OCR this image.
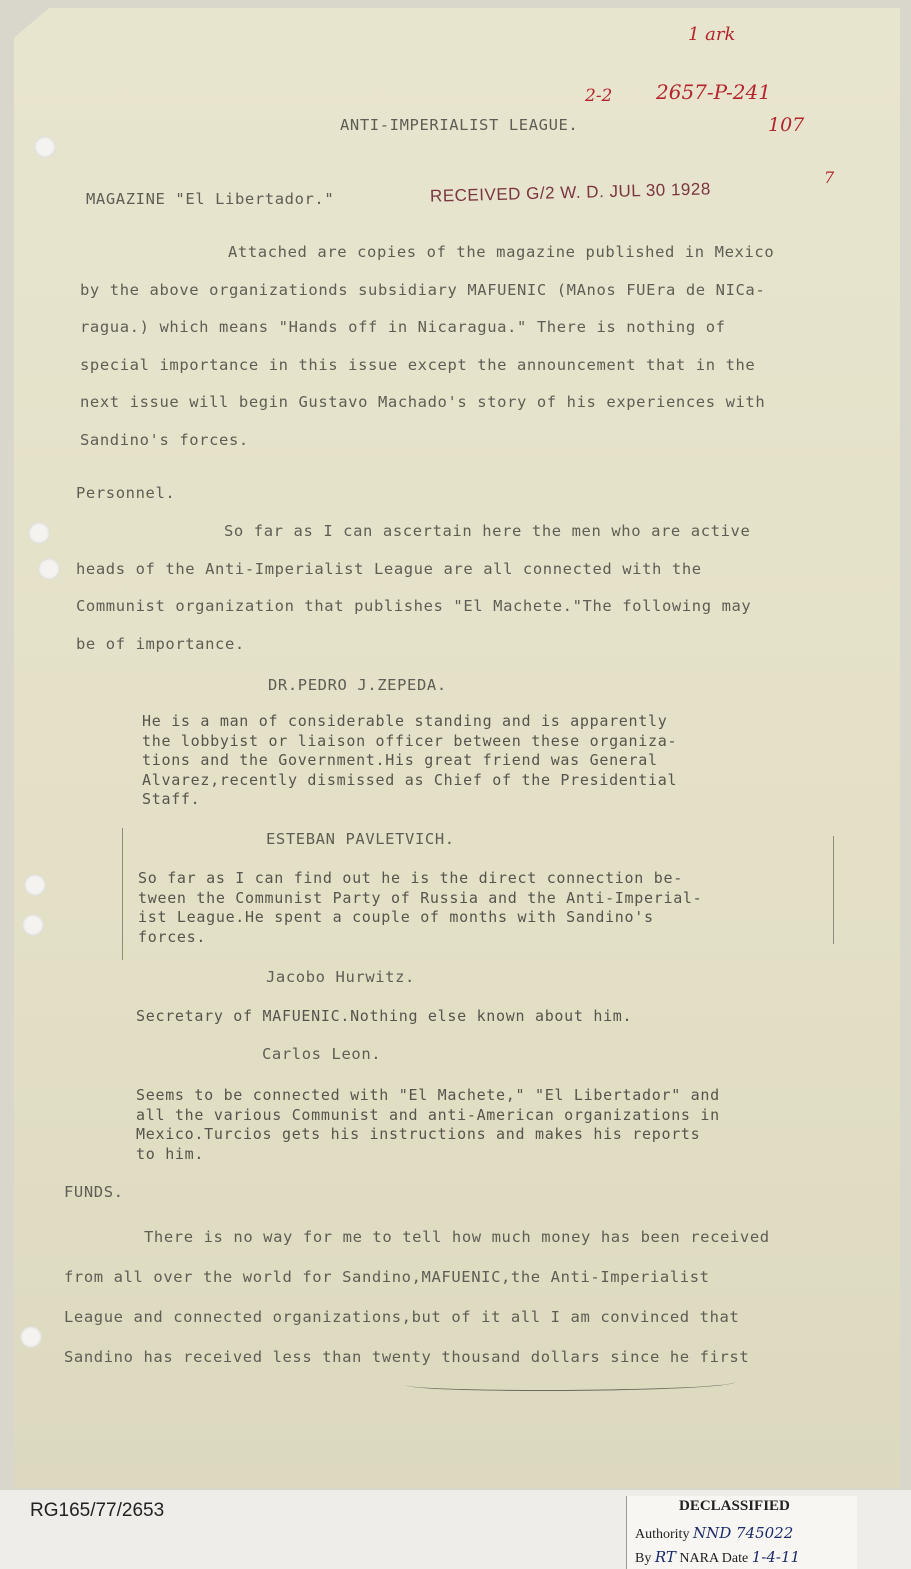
1 ark
2-2 2657-P-241
107
7
ANTI-IMPERIALIST LEAGUE.
MAGAZINE "El Libertador."	RECEIVED G/2 W. D. JUL 30 1928
Attached are copies of the magazine published in Mexico
by the above organizationds subsidiary MAFUENIC (MAnos FUEra de NICa-
ragua.) which means "Hands off in Nicaragua." There is nothing of
special importance in this issue except the announcement that in the
next issue will begin Gustavo Machado's story of his experiences with
Sandino's forces.
Personnel.
So far as I can ascertain here the men who are active
heads of the Anti-Imperialist League are all connected with the
Communist organization that publishes "El Machete."The following may
be of importance.
DR.PEDRO J.ZEPEDA.
He is a man of considerable standing and is apparently
the lobbyist or liaison officer between these organiza-
tions and the Government.His great friend was General
Alvarez,recently dismissed as Chief of the Presidential
Staff.
ESTEBAN PAVLETVICH.
So far as I can find out he is the direct connection be-
tween the Communist Party of Russia and the Anti-Imperial-
ist League.He spent a couple of months with Sandino's
forces.
Jacobo Hurwitz.
Secretary of MAFUENIC.Nothing else known about him.
Carlos Leon.
Seems to be connected with "El Machete," "El Libertador" and
all the various Communist and anti-American organizations in
Mexico.Turcios gets his instructions and makes his reports
to him.
FUNDS.
There is no way for me to tell how much money has been received
from all over the world for Sandino,MAFUENIC,the Anti-Imperialist
League and connected organizations,but of it all I am convinced that
Sandino has received less than twenty thousand dollars since he first
RG165/77/2653	DECLASSIFIED
Authority NND 745022
By RT NARA Date 1-4-11
